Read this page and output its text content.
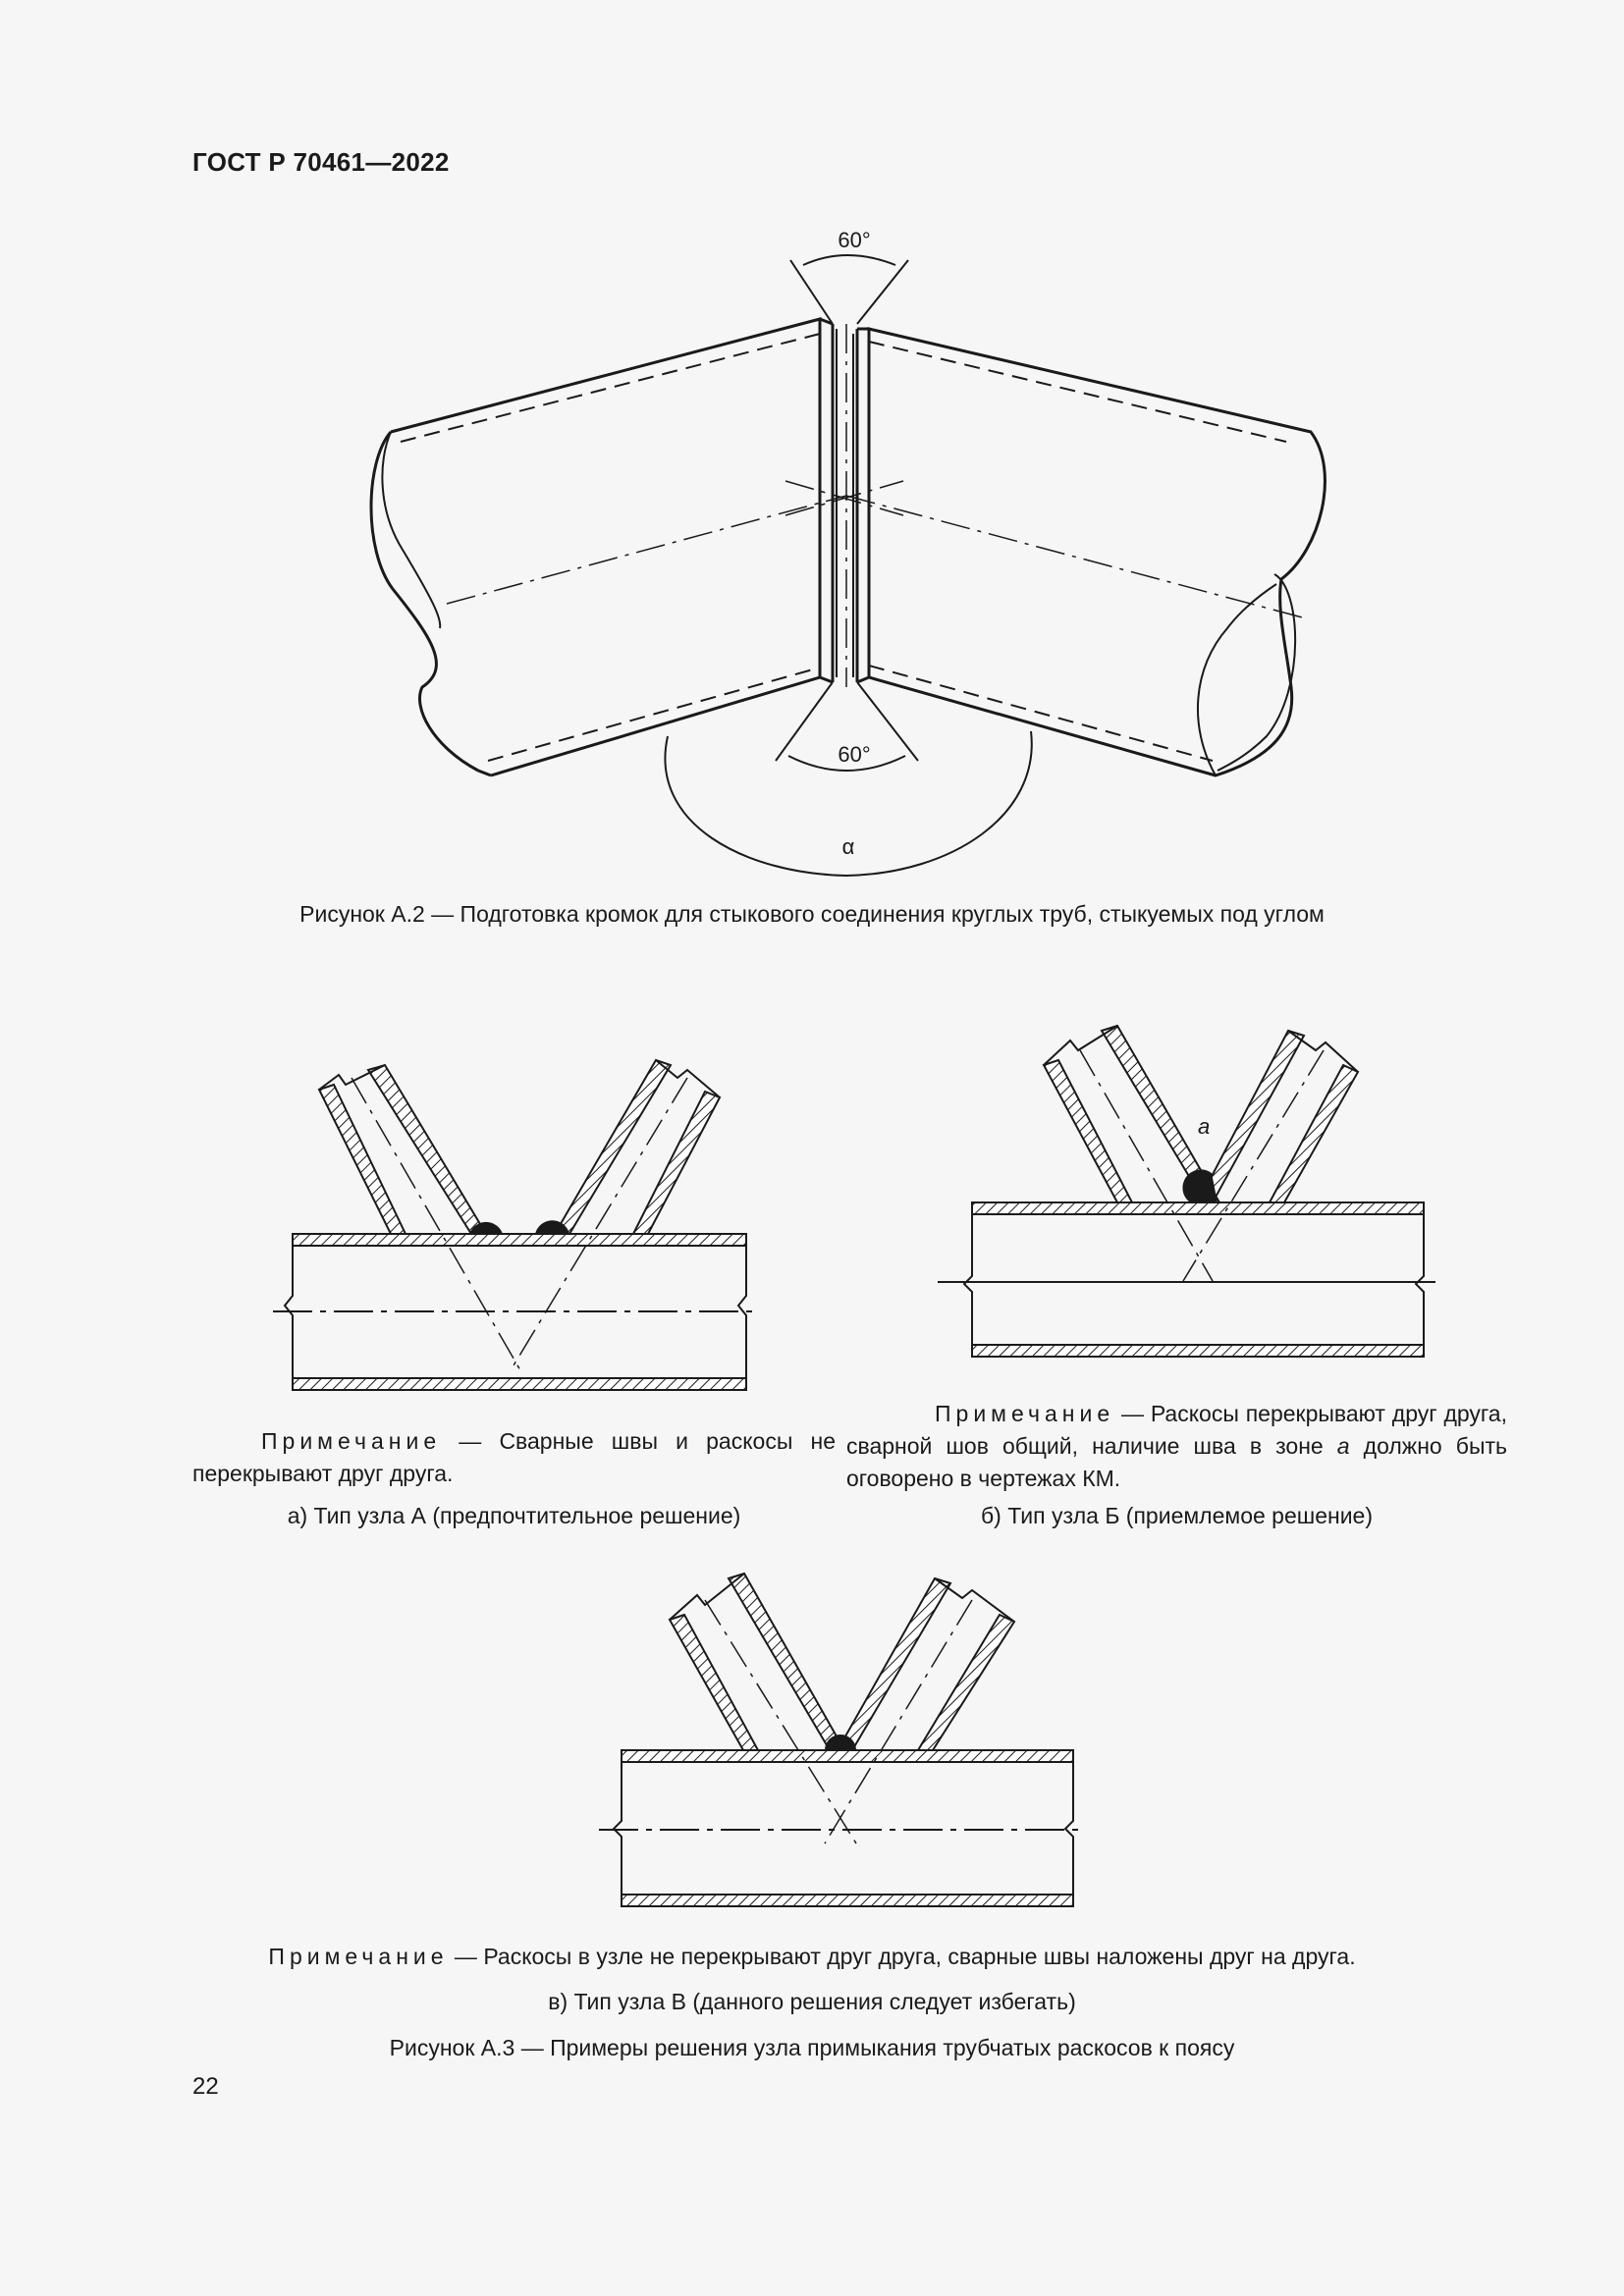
ГОСТ Р 70461—2022
60°
60°
α
a
Рисунок А.2 — Подготовка кромок для стыкового соединения круглых труб, стыкуемых под углом
Примечание — Сварные швы и раскосы не перекрывают друг друга.
а) Тип узла А (предпочтительное решение)
Примечание — Раскосы перекрывают друг друга, сварной шов общий, наличие шва в зоне а должно быть оговорено в чертежах КМ.
б) Тип узла Б (приемлемое решение)
Примечание — Раскосы в узле не перекрывают друг друга, сварные швы наложены друг на друга.
в) Тип узла В (данного решения следует избегать)
Рисунок А.3 — Примеры решения узла примыкания трубчатых раскосов к поясу
22
